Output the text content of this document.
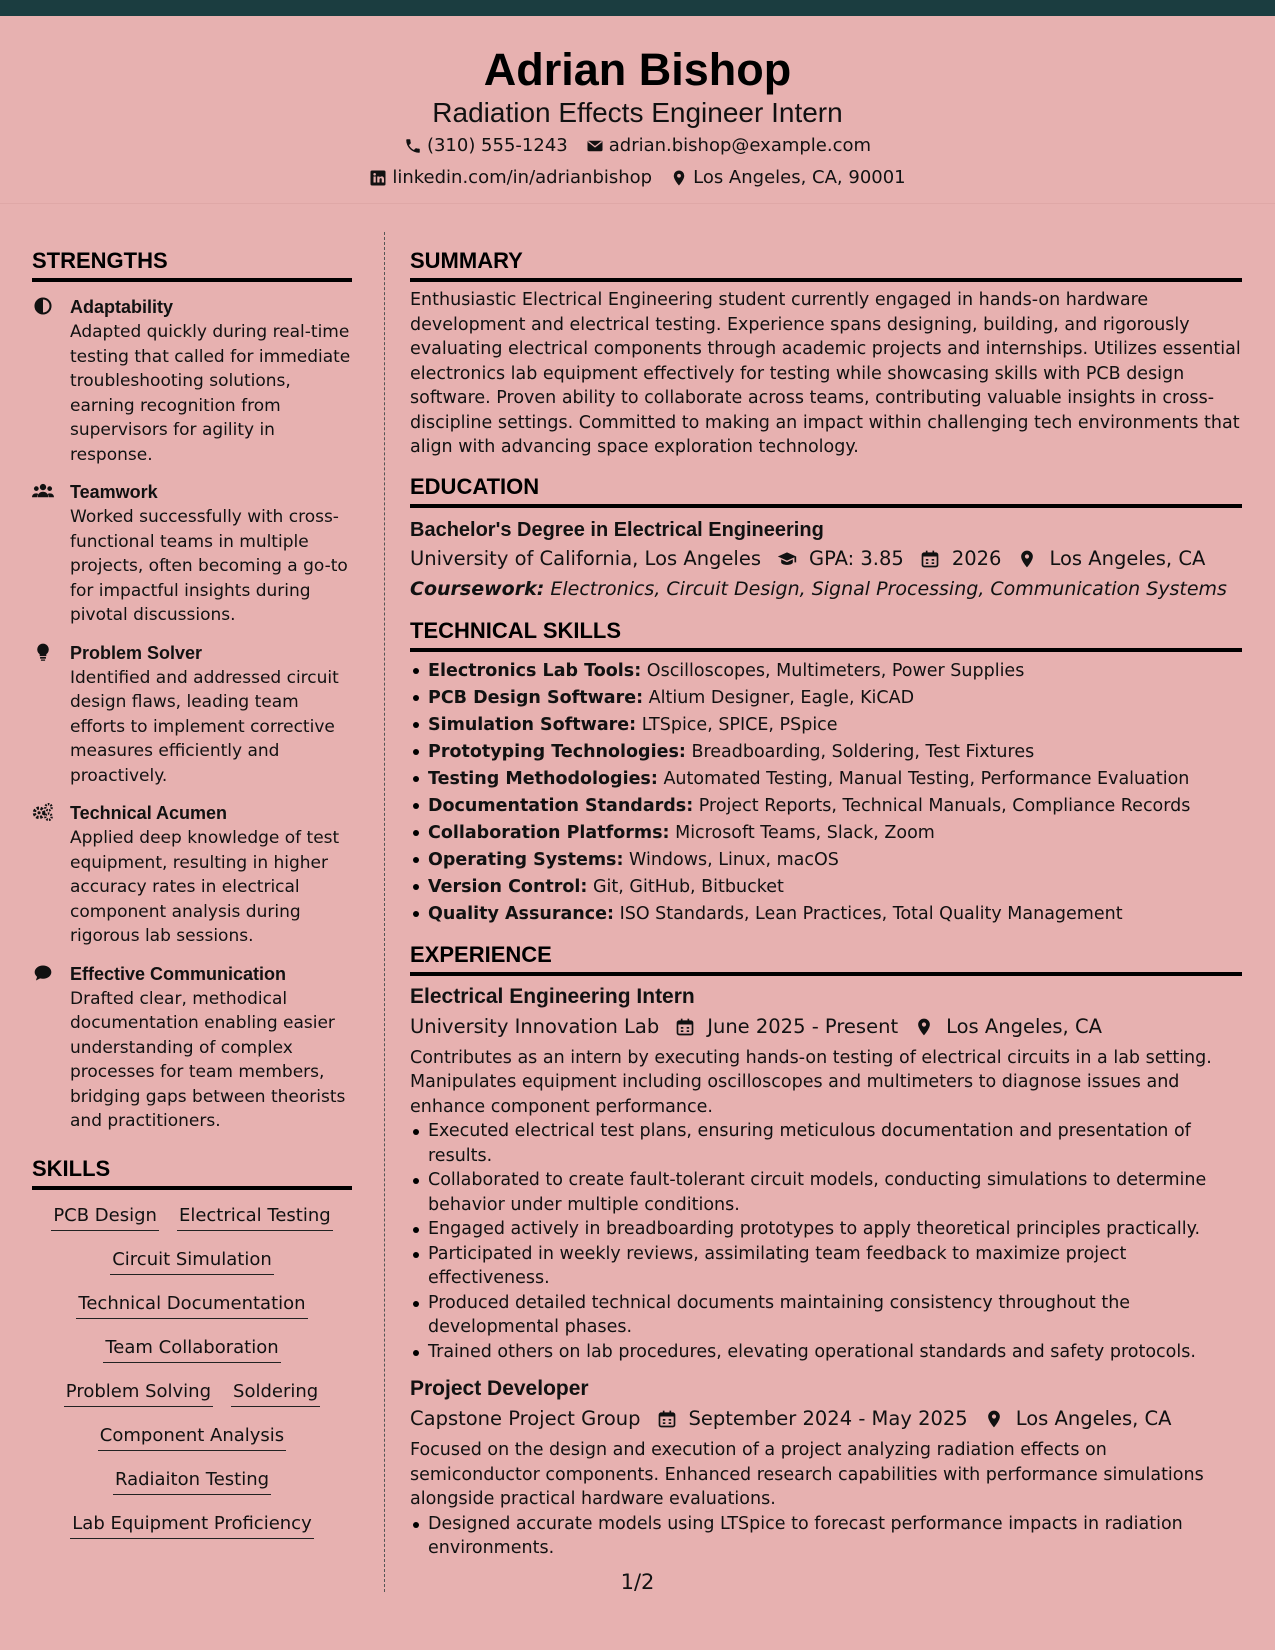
Adrian Bishop
Radiation Effects Engineer Intern
(310) 555-1243 adrian.bishop@example.com
linkedin.com/in/adrianbishop Los Angeles, CA, 90001
STRENGTHS
Adaptability
Adapted quickly during real-time testing that called for immediate troubleshooting solutions, earning recognition from supervisors for agility in response.
Teamwork
Worked successfully with cross-functional teams in multiple projects, often becoming a go-to for impactful insights during pivotal discussions.
Problem Solver
Identified and addressed circuit design flaws, leading team efforts to implement corrective measures efficiently and proactively.
Technical Acumen
Applied deep knowledge of test equipment, resulting in higher accuracy rates in electrical component analysis during rigorous lab sessions.
Effective Communication
Drafted clear, methodical documentation enabling easier understanding of complex processes for team members, bridging gaps between theorists and practitioners.
SKILLS
PCB Design Electrical Testing
Circuit Simulation
Technical Documentation
Team Collaboration
Problem Solving Soldering
Component Analysis
Radiaiton Testing
Lab Equipment Proficiency
SUMMARY

Enthusiastic Electrical Engineering student currently engaged in hands-on hardware development and electrical testing. Experience spans designing, building, and rigorously evaluating electrical components through academic projects and internships. Utilizes essential electronics lab equipment effectively for testing while showcasing skills with PCB design software. Proven ability to collaborate across teams, contributing valuable insights in cross-discipline settings. Committed to making an impact within challenging tech environments that align with advancing space exploration technology.

EDUCATION
Bachelor's Degree in Electrical Engineering
University of California, Los Angeles GPA: 3.85 2026 Los Angeles, CA
Coursework: Electronics, Circuit Design, Signal Processing, Communication Systems
TECHNICAL SKILLS
Electronics Lab Tools: Oscilloscopes, Multimeters, Power Supplies
PCB Design Software: Altium Designer, Eagle, KiCAD
Simulation Software: LTSpice, SPICE, PSpice
Prototyping Technologies: Breadboarding, Soldering, Test Fixtures
Testing Methodologies: Automated Testing, Manual Testing, Performance Evaluation
Documentation Standards: Project Reports, Technical Manuals, Compliance Records
Collaboration Platforms: Microsoft Teams, Slack, Zoom
Operating Systems: Windows, Linux, macOS
Version Control: Git, GitHub, Bitbucket
Quality Assurance: ISO Standards, Lean Practices, Total Quality Management
EXPERIENCE
Electrical Engineering Intern
University Innovation Lab June 2025 - Present Los Angeles, CA

Contributes as an intern by executing hands-on testing of electrical circuits in a lab setting. Manipulates equipment including oscilloscopes and multimeters to diagnose issues and enhance component performance.

Executed electrical test plans, ensuring meticulous documentation and presentation of results.
Collaborated to create fault-tolerant circuit models, conducting simulations to determine behavior under multiple conditions.
Engaged actively in breadboarding prototypes to apply theoretical principles practically.
Participated in weekly reviews, assimilating team feedback to maximize project effectiveness.
Produced detailed technical documents maintaining consistency throughout the developmental phases.
Trained others on lab procedures, elevating operational standards and safety protocols.
Project Developer
Capstone Project Group September 2024 - May 2025 Los Angeles, CA

Focused on the design and execution of a project analyzing radiation effects on semiconductor components. Enhanced research capabilities with performance simulations alongside practical hardware evaluations.

Designed accurate models using LTSpice to forecast performance impacts in radiation environments.
1/2
